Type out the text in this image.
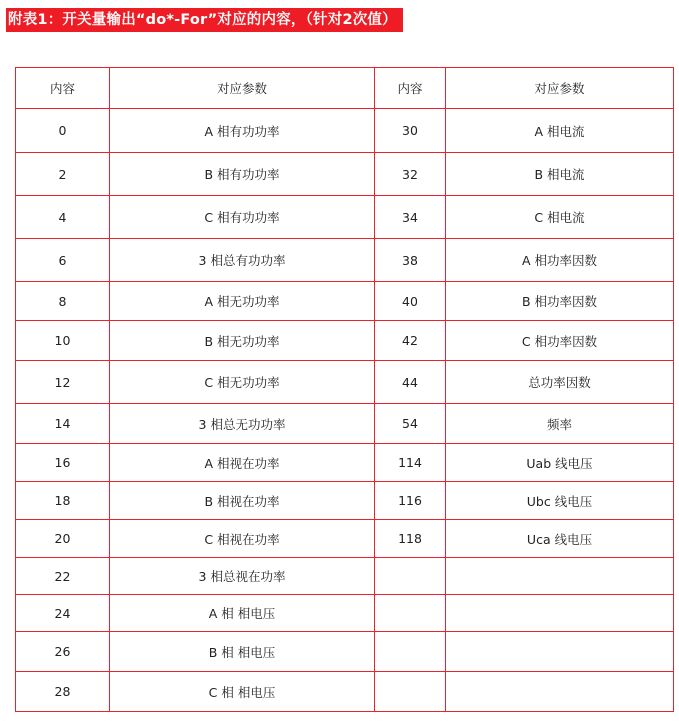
附表1：开关量输出“do*-For”对应的内容，（针对2次值）
内容	对应参数	内容	对应参数
0	A 相有功功率	30	A 相电流
2	B 相有功功率	32	B 相电流
4	C 相有功功率	34	C 相电流
6	3 相总有功功率	38	A 相功率因数
8	A 相无功功率	40	B 相功率因数
10	B 相无功功率	42	C 相功率因数
12	C 相无功功率	44	总功率因数
14	3 相总无功功率	54	频率
16	A 相视在功率	114	Uab 线电压
18	B 相视在功率	116	Ubc 线电压
20	C 相视在功率	118	Uca 线电压
22	3 相总视在功率		
24	A 相 相电压		
26	B 相 相电压		
28	C 相 相电压		
